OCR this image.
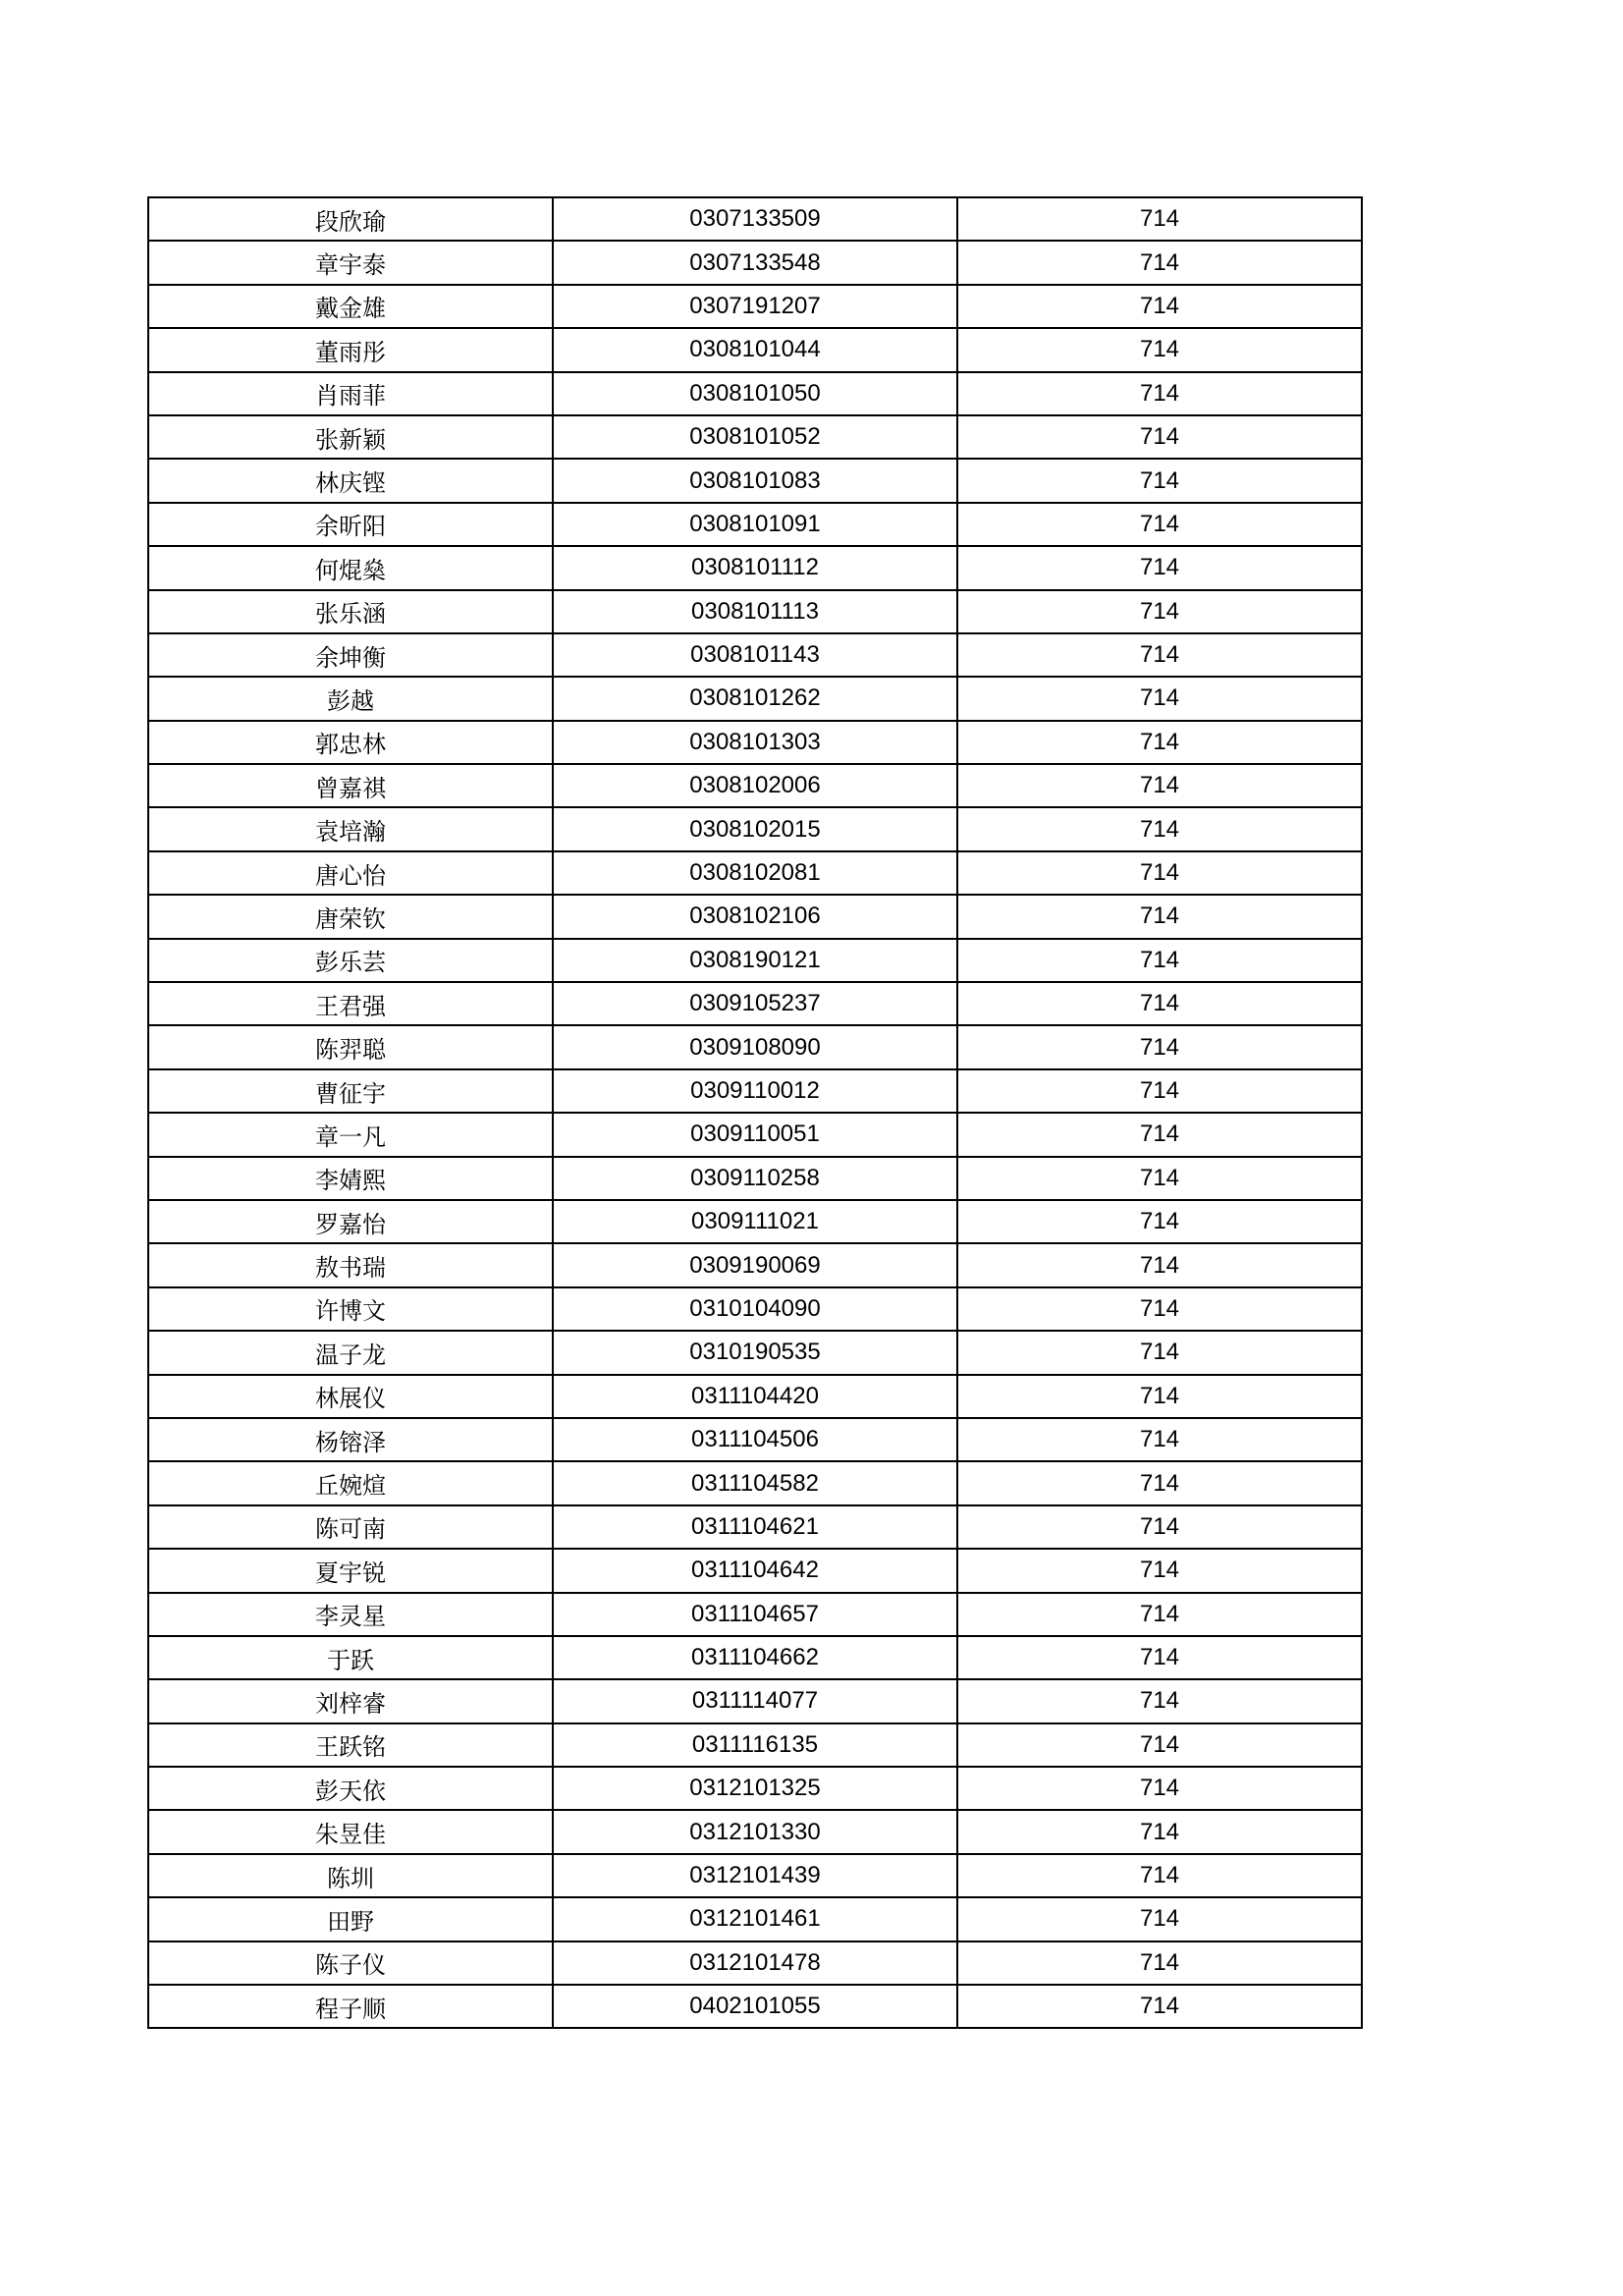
段欣瑜	0307133509	714
章宇泰	0307133548	714
戴金雄	0307191207	714
董雨彤	0308101044	714
肖雨菲	0308101050	714
张新颖	0308101052	714
林庆铿	0308101083	714
余昕阳	0308101091	714
何焜燊	0308101112	714
张乐涵	0308101113	714
余坤衡	0308101143	714
彭越	0308101262	714
郭忠林	0308101303	714
曾嘉祺	0308102006	714
袁培瀚	0308102015	714
唐心怡	0308102081	714
唐荣钦	0308102106	714
彭乐芸	0308190121	714
王君强	0309105237	714
陈羿聪	0309108090	714
曹征宇	0309110012	714
章一凡	0309110051	714
李婧熙	0309110258	714
罗嘉怡	0309111021	714
敖书瑞	0309190069	714
许博文	0310104090	714
温子龙	0310190535	714
林展仪	0311104420	714
杨镕泽	0311104506	714
丘婉煊	0311104582	714
陈可南	0311104621	714
夏宇锐	0311104642	714
李灵星	0311104657	714
于跃	0311104662	714
刘梓睿	0311114077	714
王跃铭	0311116135	714
彭天依	0312101325	714
朱昱佳	0312101330	714
陈圳	0312101439	714
田野	0312101461	714
陈子仪	0312101478	714
程子顺	0402101055	714
